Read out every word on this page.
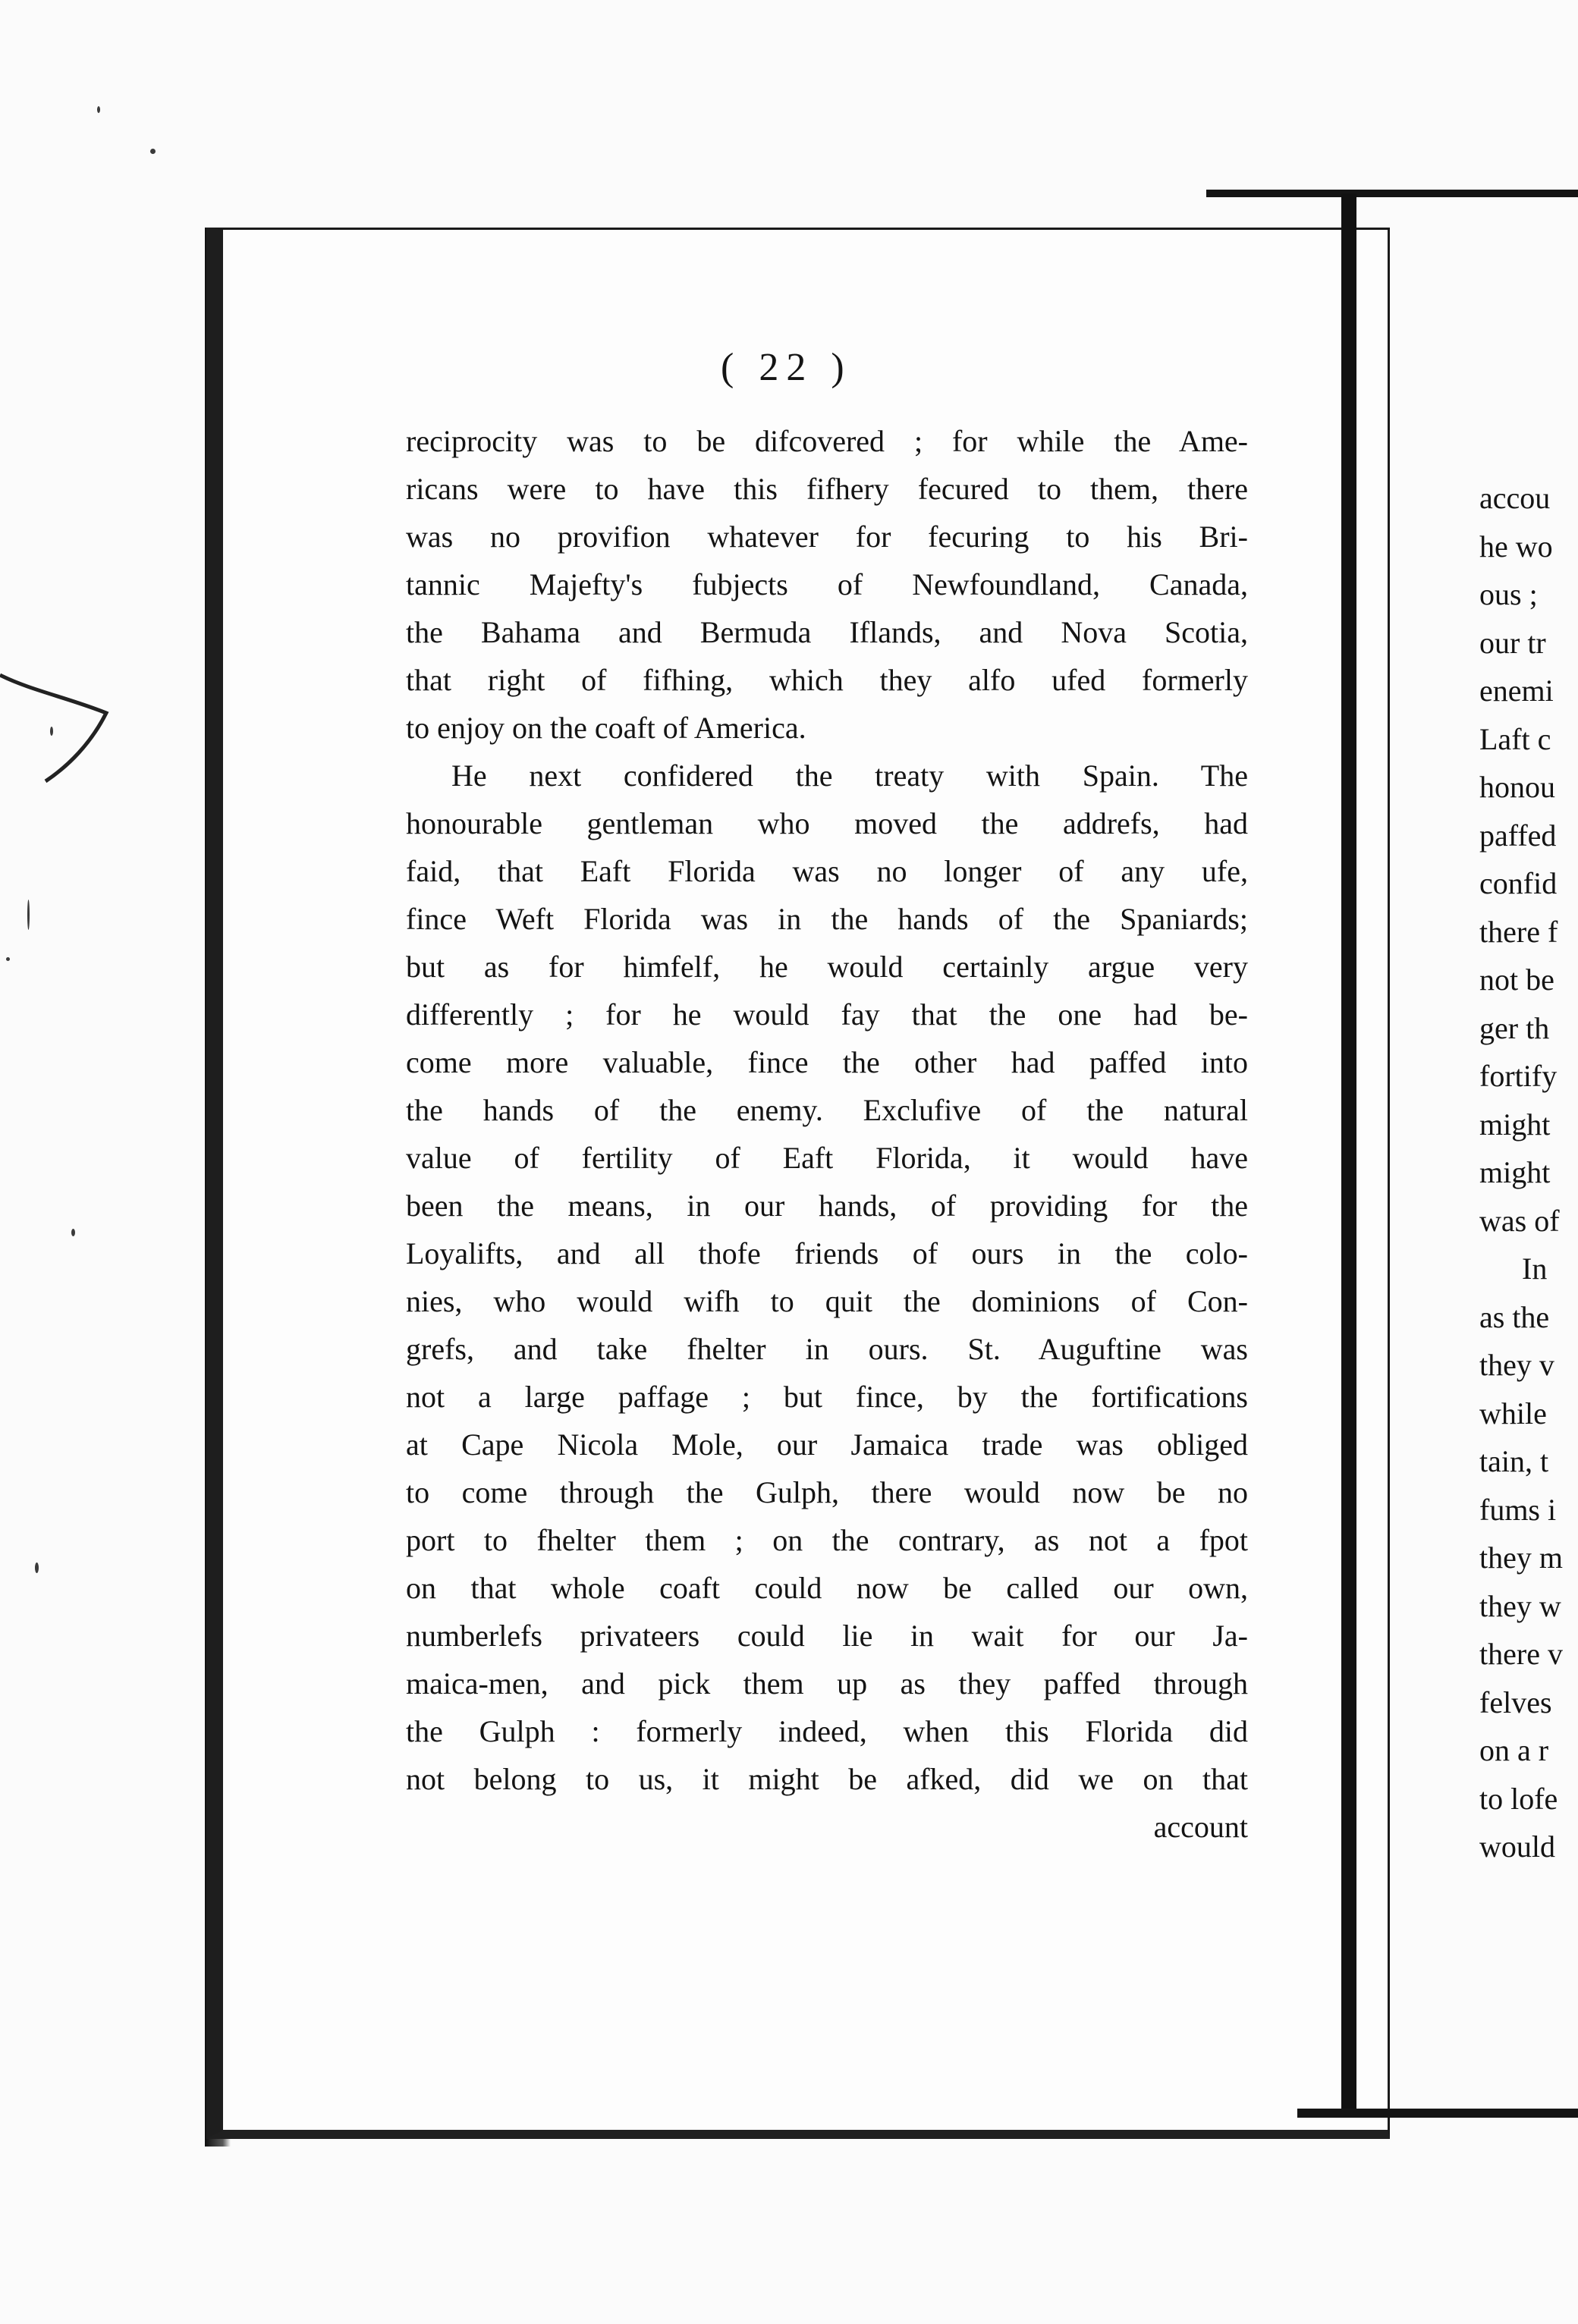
( 22 )
reciprocity was to be difcovered ; for while the Ame-
ricans were to have this fifhery fecured to them, there
was no provifion whatever for fecuring to his Bri-
tannic Majefty's fubjects of Newfoundland, Canada,
the Bahama and Bermuda Iflands, and Nova Scotia,
that right of fifhing, which they alfo ufed formerly
to enjoy on the coaft of America.
He next confidered the treaty with Spain. The
honourable gentleman who moved the addrefs, had
faid, that Eaft Florida was no longer of any ufe,
fince Weft Florida was in the hands of the Spaniards;
but as for himfelf, he would certainly argue very
differently ; for he would fay that the one had be-
come more valuable, fince the other had paffed into
the hands of the enemy. Exclufive of the natural
value of fertility of Eaft Florida, it would have
been the means, in our hands, of providing for the
Loyalifts, and all thofe friends of ours in the colo-
nies, who would wifh to quit the dominions of Con-
grefs, and take fhelter in ours. St. Auguftine was
not a large paffage ; but fince, by the fortifications
at Cape Nicola Mole, our Jamaica trade was obliged
to come through the Gulph, there would now be no
port to fhelter them ; on the contrary, as not a fpot
on that whole coaft could now be called our own,
numberlefs privateers could lie in wait for our Ja-
maica-men, and pick them up as they paffed through
the Gulph : formerly indeed, when this Florida did
not belong to us, it might be afked, did we on that
account
accou
he wo
ous ;
our tr
enemi
Laft c
honou
paffed
confid
there f
not be
ger th
fortify
might
might
was of
In
as the
they v
while
tain, t
fums i
they m
they w
there v
felves
on a r
to lofe
would
